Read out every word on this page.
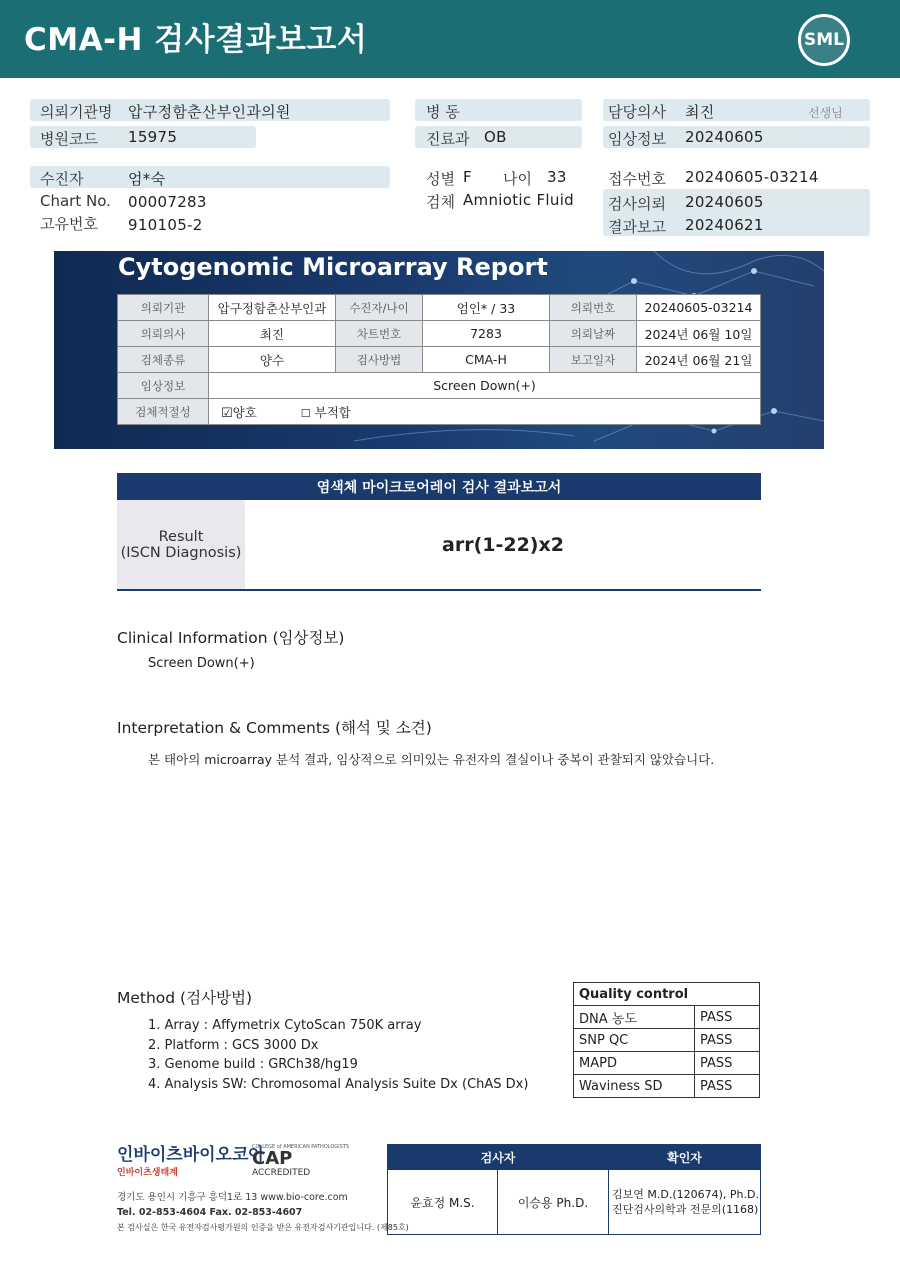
CMA-H 검사결과보고서	SML
의뢰기관명 압구정함춘산부인과의원
병원코드 15975
병 동
진료과 OB
담당의사 최진	선생님
임상정보 20240605
수진자	엄*숙
Chart No. 00007283
고유번호 910105-2
성별 F 나이 33
검체 Amniotic Fluid
접수번호 20240605-03214
검사의뢰 20240605
결과보고 20240621
Cytogenomic Microarray Report
의뢰기관	압구정함춘산부인과	수진자/나이	엄인* / 33	의뢰번호	20240605-03214
의뢰의사	최진	차트번호	7283	의뢰날짜	2024년 06월 10일
검체종류	양수	검사방법	CMA-H	보고일자	2024년 06월 21일
임상정보	Screen Down(+)				
검체적절성	☑양호 ☐ 부적합				
염색체 마이크로어레이 검사 결과보고서
Result
(ISCN Diagnosis)	arr(1-22)x2
Clinical Information (임상정보)
Screen Down(+)
Interpretation & Comments (해석 및 소견)
본 태아의 microarray 분석 결과, 임상적으로 의미있는 유전자의 결실이나 중복이 관찰되지 않았습니다.
Method (검사방법)
1. Array : Affymetrix CytoScan 750K array
2. Platform : GCS 3000 Dx
3. Genome build : GRCh38/hg19
4. Analysis SW: Chromosomal Analysis Suite Dx (ChAS Dx)
Quality control	
DNA 농도	PASS
SNP QC	PASS
MAPD	PASS
Waviness SD	PASS
인바이츠바이오코아
인바이츠생태계
COLLEGE of AMERICAN PATHOLOGISTS
CAP
ACCREDITED
경기도 용인시 기흥구 흥덕1로 13 www.bio-core.com
Tel. 02-853-4604 Fax. 02-853-4607
본 검사실은 한국 유전자검사평가원의 인증을 받은 유전자검사기관입니다. (제85호)
검사자		확인자
윤효정 M.S.	이승용 Ph.D.	김보연 M.D.(120674), Ph.D.
진단검사의학과 전문의(1168)
